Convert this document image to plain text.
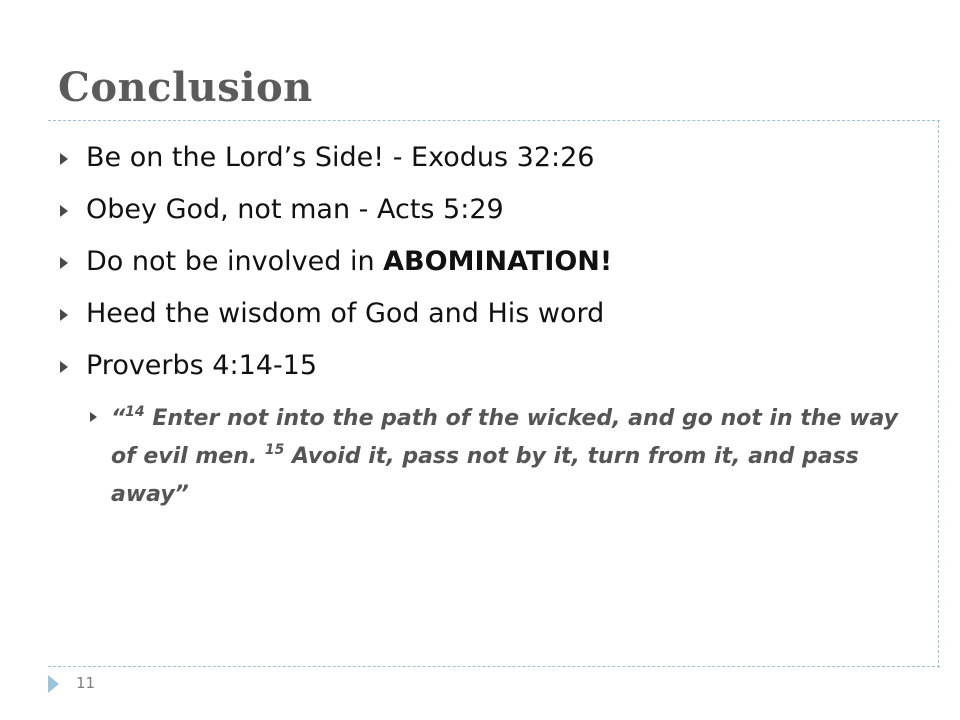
Conclusion
Be on the Lord’s Side! - Exodus 32:26
Obey God, not man - Acts 5:29
Do not be involved in ABOMINATION!
Heed the wisdom of God and His word
Proverbs 4:14-15

“$^{14}$ Enter not into the path of the wicked, and go not in the way of evil men. $^{15}$ Avoid it, pass not by it, turn from it, and pass away”

11
